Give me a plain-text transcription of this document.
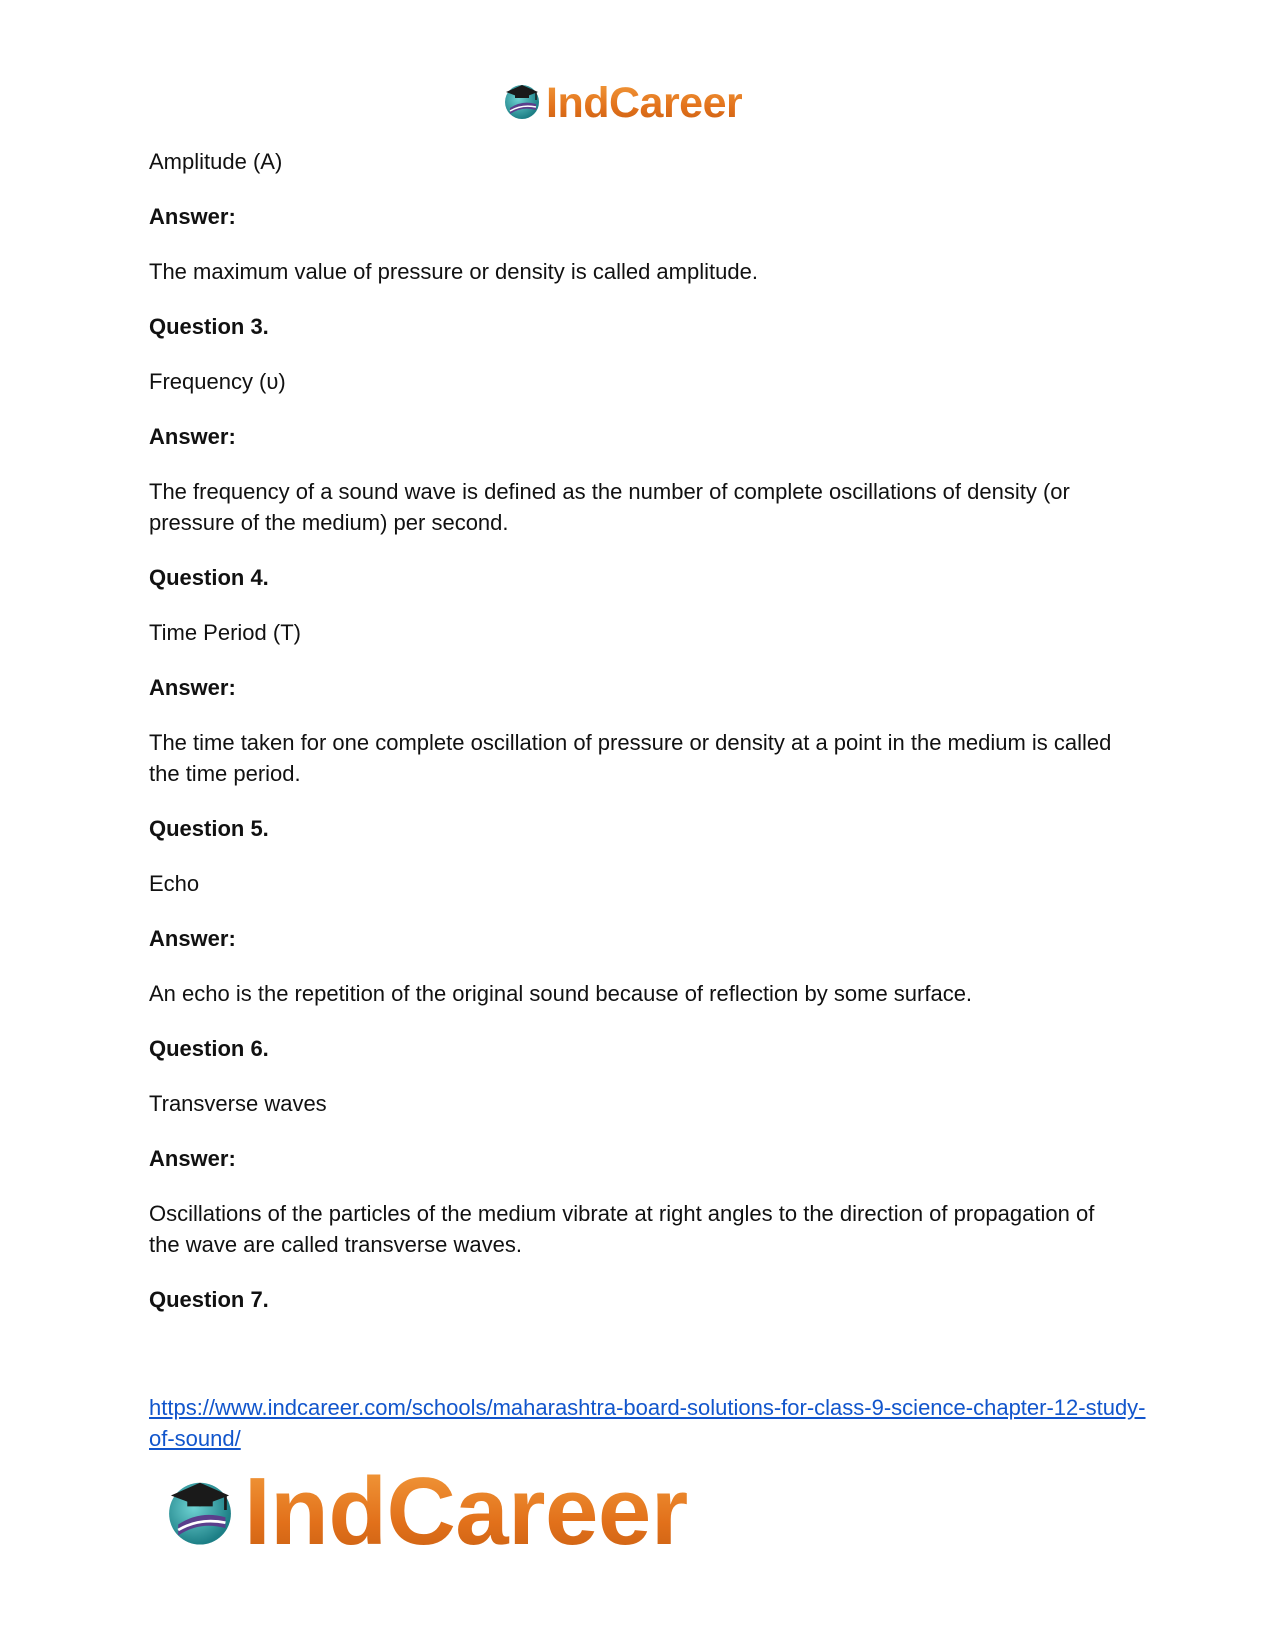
IndCareer

Amplitude (A)

Answer:

The maximum value of pressure or density is called amplitude.

Question 3.

Frequency (υ)

Answer:

The frequency of a sound wave is defined as the number of complete oscillations of density (or pressure of the medium) per second.

Question 4.

Time Period (T)

Answer:

The time taken for one complete oscillation of pressure or density at a point in the medium is called the time period.

Question 5.

Echo

Answer:

An echo is the repetition of the original sound because of reflection by some surface.

Question 6.

Transverse waves

Answer:

Oscillations of the particles of the medium vibrate at right angles to the direction of propagation of the wave are called transverse waves.

Question 7.

https://www.indcareer.com/schools/maharashtra-board-solutions-for-class-9-science-chapter-12-study-of-sound/
IndCareer
